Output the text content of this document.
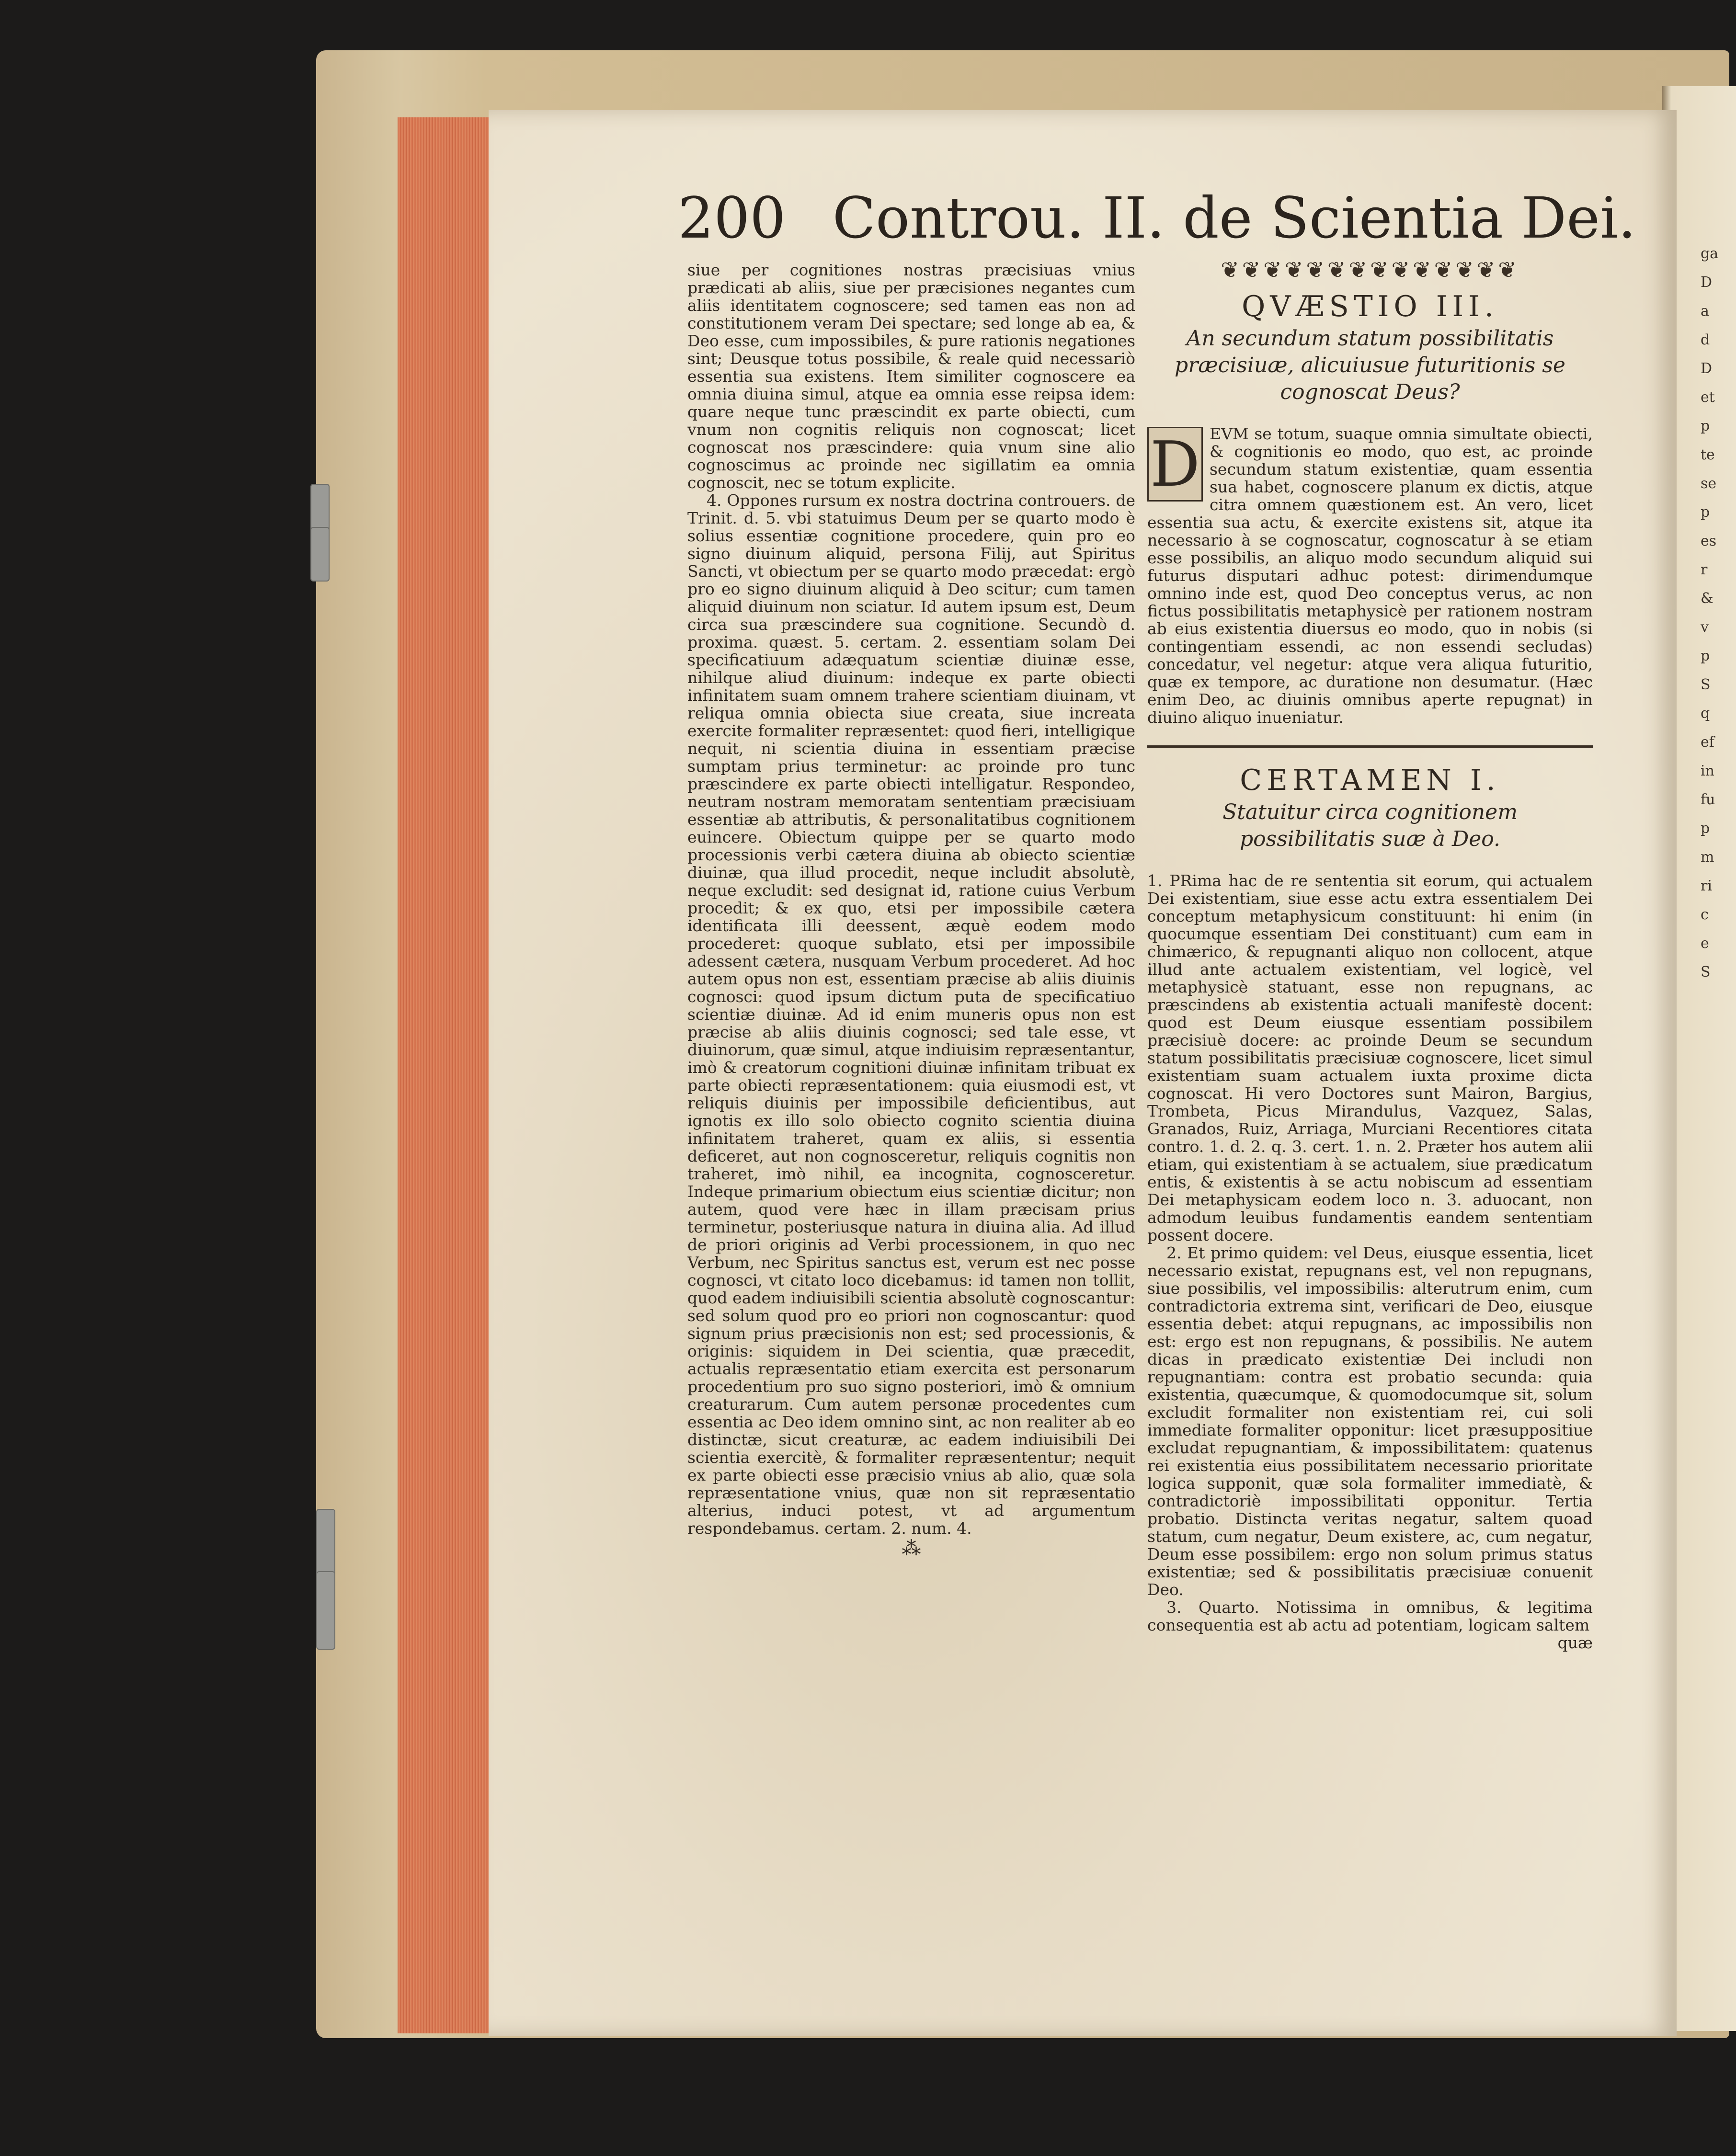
200 Controu. II. de Scientia Dei.

siue per cognitiones nostras præcisiuas vnius prædicati ab aliis, siue per præcisiones negantes cum aliis identitatem cognoscere; sed tamen eas non ad constitutionem veram Dei spectare; sed longe ab ea, & Deo esse, cum impossibiles, & pure rationis negationes sint; Deusque totus possibile, & reale quid necessariò essentia sua existens. Item similiter cognoscere ea omnia diuina simul, atque ea omnia esse reipsa idem: quare neque tunc præscindit ex parte obiecti, cum vnum non cognitis reliquis non cognoscat; licet cognoscat nos præscindere: quia vnum sine alio cognoscimus ac proinde nec sigillatim ea omnia cognoscit, nec se totum explicite.

4. Oppones rursum ex nostra doctrina controuers. de Trinit. d. 5. vbi statuimus Deum per se quarto modo è solius essentiæ cognitione procedere, quin pro eo signo diuinum aliquid, persona Filij, aut Spiritus Sancti, vt obiectum per se quarto modo præcedat: ergò pro eo signo diuinum aliquid à Deo scitur; cum tamen aliquid diuinum non sciatur. Id autem ipsum est, Deum circa sua præscindere sua cognitione. Secundò d. proxima. quæst. 5. certam. 2. essentiam solam Dei specificatiuum adæquatum scientiæ diuinæ esse, nihilque aliud diuinum: indeque ex parte obiecti infinitatem suam omnem trahere scientiam diuinam, vt reliqua omnia obiecta siue creata, siue increata exercite formaliter repræsentet: quod fieri, intelligique nequit, ni scientia diuina in essentiam præcise sumptam prius terminetur: ac proinde pro tunc præscindere ex parte obiecti intelligatur. Respondeo, neutram nostram memoratam sententiam præcisiuam essentiæ ab attributis, & personalitatibus cognitionem euincere. Obiectum quippe per se quarto modo processionis verbi cætera diuina ab obiecto scientiæ diuinæ, qua illud procedit, neque includit absolutè, neque excludit: sed designat id, ratione cuius Verbum procedit; & ex quo, etsi per impossibile cætera identificata illi deessent, æquè eodem modo procederet: quoque sublato, etsi per impossibile adessent cætera, nusquam Verbum procederet. Ad hoc autem opus non est, essentiam præcise ab aliis diuinis cognosci: quod ipsum dictum puta de specificatiuo scientiæ diuinæ. Ad id enim muneris opus non est præcise ab aliis diuinis cognosci; sed tale esse, vt diuinorum, quæ simul, atque indiuisim repræsentantur, imò & creatorum cognitioni diuinæ infinitam tribuat ex parte obiecti repræsentationem: quia eiusmodi est, vt reliquis diuinis per impossibile deficientibus, aut ignotis ex illo solo obiecto cognito scientia diuina infinitatem traheret, quam ex aliis, si essentia deficeret, aut non cognosceretur, reliquis cognitis non traheret, imò nihil, ea incognita, cognosceretur. Indeque primarium obiectum eius scientiæ dicitur; non autem, quod vere hæc in illam præcisam prius terminetur, posteriusque natura in diuina alia. Ad illud de priori originis ad Verbi processionem, in quo nec Verbum, nec Spiritus sanctus est, verum est nec posse cognosci, vt citato loco dicebamus: id tamen non tollit, quod eadem indiuisibili scientia absolutè cognoscantur: sed solum quod pro eo priori non cognoscantur: quod signum prius præcisionis non est; sed processionis, & originis: siquidem in Dei scientia, quæ præcedit, actualis repræsentatio etiam exercita est personarum procedentium pro suo signo posteriori, imò & omnium creaturarum. Cum autem personæ procedentes cum essentia ac Deo idem omnino sint, ac non realiter ab eo distinctæ, sicut creaturæ, ac eadem indiuisibili Dei scientia exercitè, & formaliter repræsententur; nequit ex parte obiecti esse præcisio vnius ab alio, quæ sola repræsentatione vnius, quæ non sit repræsentatio alterius, induci potest, vt ad argumentum respondebamus. certam. 2. num. 4.

⁂
❦❦❦❦❦❦❦❦❦❦❦❦❦❦
QVÆSTIO III.
An secundum statum possibilitatis præcisiuæ, alicuiusue futuritionis se cognoscat Deus?

D EVM se totum, suaque omnia simultate obiecti, & cognitionis eo modo, quo est, ac proinde secundum statum existentiæ, quam essentia sua habet, cognoscere planum ex dictis, atque citra omnem quæstionem est. An vero, licet essentia sua actu, & exercite existens sit, atque ita necessario à se cognoscatur, cognoscatur à se etiam esse possibilis, an aliquo modo secundum aliquid sui futurus disputari adhuc potest: dirimendumque omnino inde est, quod Deo conceptus verus, ac non fictus possibilitatis metaphysicè per rationem nostram ab eius existentia diuersus eo modo, quo in nobis (si contingentiam essendi, ac non essendi secludas) concedatur, vel negetur: atque vera aliqua futuritio, quæ ex tempore, ac duratione non desumatur. (Hæc enim Deo, ac diuinis omnibus aperte repugnat) in diuino aliquo inueniatur.

CERTAMEN I.
Statuitur circa cognitionem possibilitatis suæ à Deo.

1. PRima hac de re sententia sit eorum, qui actualem Dei existentiam, siue esse actu extra essentialem Dei conceptum metaphysicum constituunt: hi enim (in quocumque essentiam Dei constituant) cum eam in chimærico, & repugnanti aliquo non collocent, atque illud ante actualem existentiam, vel logicè, vel metaphysicè statuant, esse non repugnans, ac præscindens ab existentia actuali manifestè docent: quod est Deum eiusque essentiam possibilem præcisiuè docere: ac proinde Deum se secundum statum possibilitatis præcisiuæ cognoscere, licet simul existentiam suam actualem iuxta proxime dicta cognoscat. Hi vero Doctores sunt Mairon, Bargius, Trombeta, Picus Mirandulus, Vazquez, Salas, Granados, Ruiz, Arriaga, Murciani Recentiores citata contro. 1. d. 2. q. 3. cert. 1. n. 2. Præter hos autem alii etiam, qui existentiam à se actualem, siue prædicatum entis, & existentis à se actu nobiscum ad essentiam Dei metaphysicam eodem loco n. 3. aduocant, non admodum leuibus fundamentis eandem sententiam possent docere.

2. Et primo quidem: vel Deus, eiusque essentia, licet necessario existat, repugnans est, vel non repugnans, siue possibilis, vel impossibilis: alterutrum enim, cum contradictoria extrema sint, verificari de Deo, eiusque essentia debet: atqui repugnans, ac impossibilis non est: ergo est non repugnans, & possibilis. Ne autem dicas in prædicato existentiæ Dei includi non repugnantiam: contra est probatio secunda: quia existentia, quæcumque, & quomodocumque sit, solum excludit formaliter non existentiam rei, cui soli immediate formaliter opponitur: licet præsuppositiue excludat repugnantiam, & impossibilitatem: quatenus rei existentia eius possibilitatem necessario prioritate logica supponit, quæ sola formaliter immediatè, & contradictoriè impossibilitati opponitur. Tertia probatio. Distincta veritas negatur, saltem quoad statum, cum negatur, Deum existere, ac, cum negatur, Deum esse possibilem: ergo non solum primus status existentiæ; sed & possibilitatis præcisiuæ conuenit Deo.

3. Quarto. Notissima in omnibus, & legitima consequentia est ab actu ad potentiam, logicam saltem

quæ
ga
D
a
d
D
et
p
te
se
p
es
r
&
v
p
S
q
ef
in
fu
p
m
ri
c
e
S
